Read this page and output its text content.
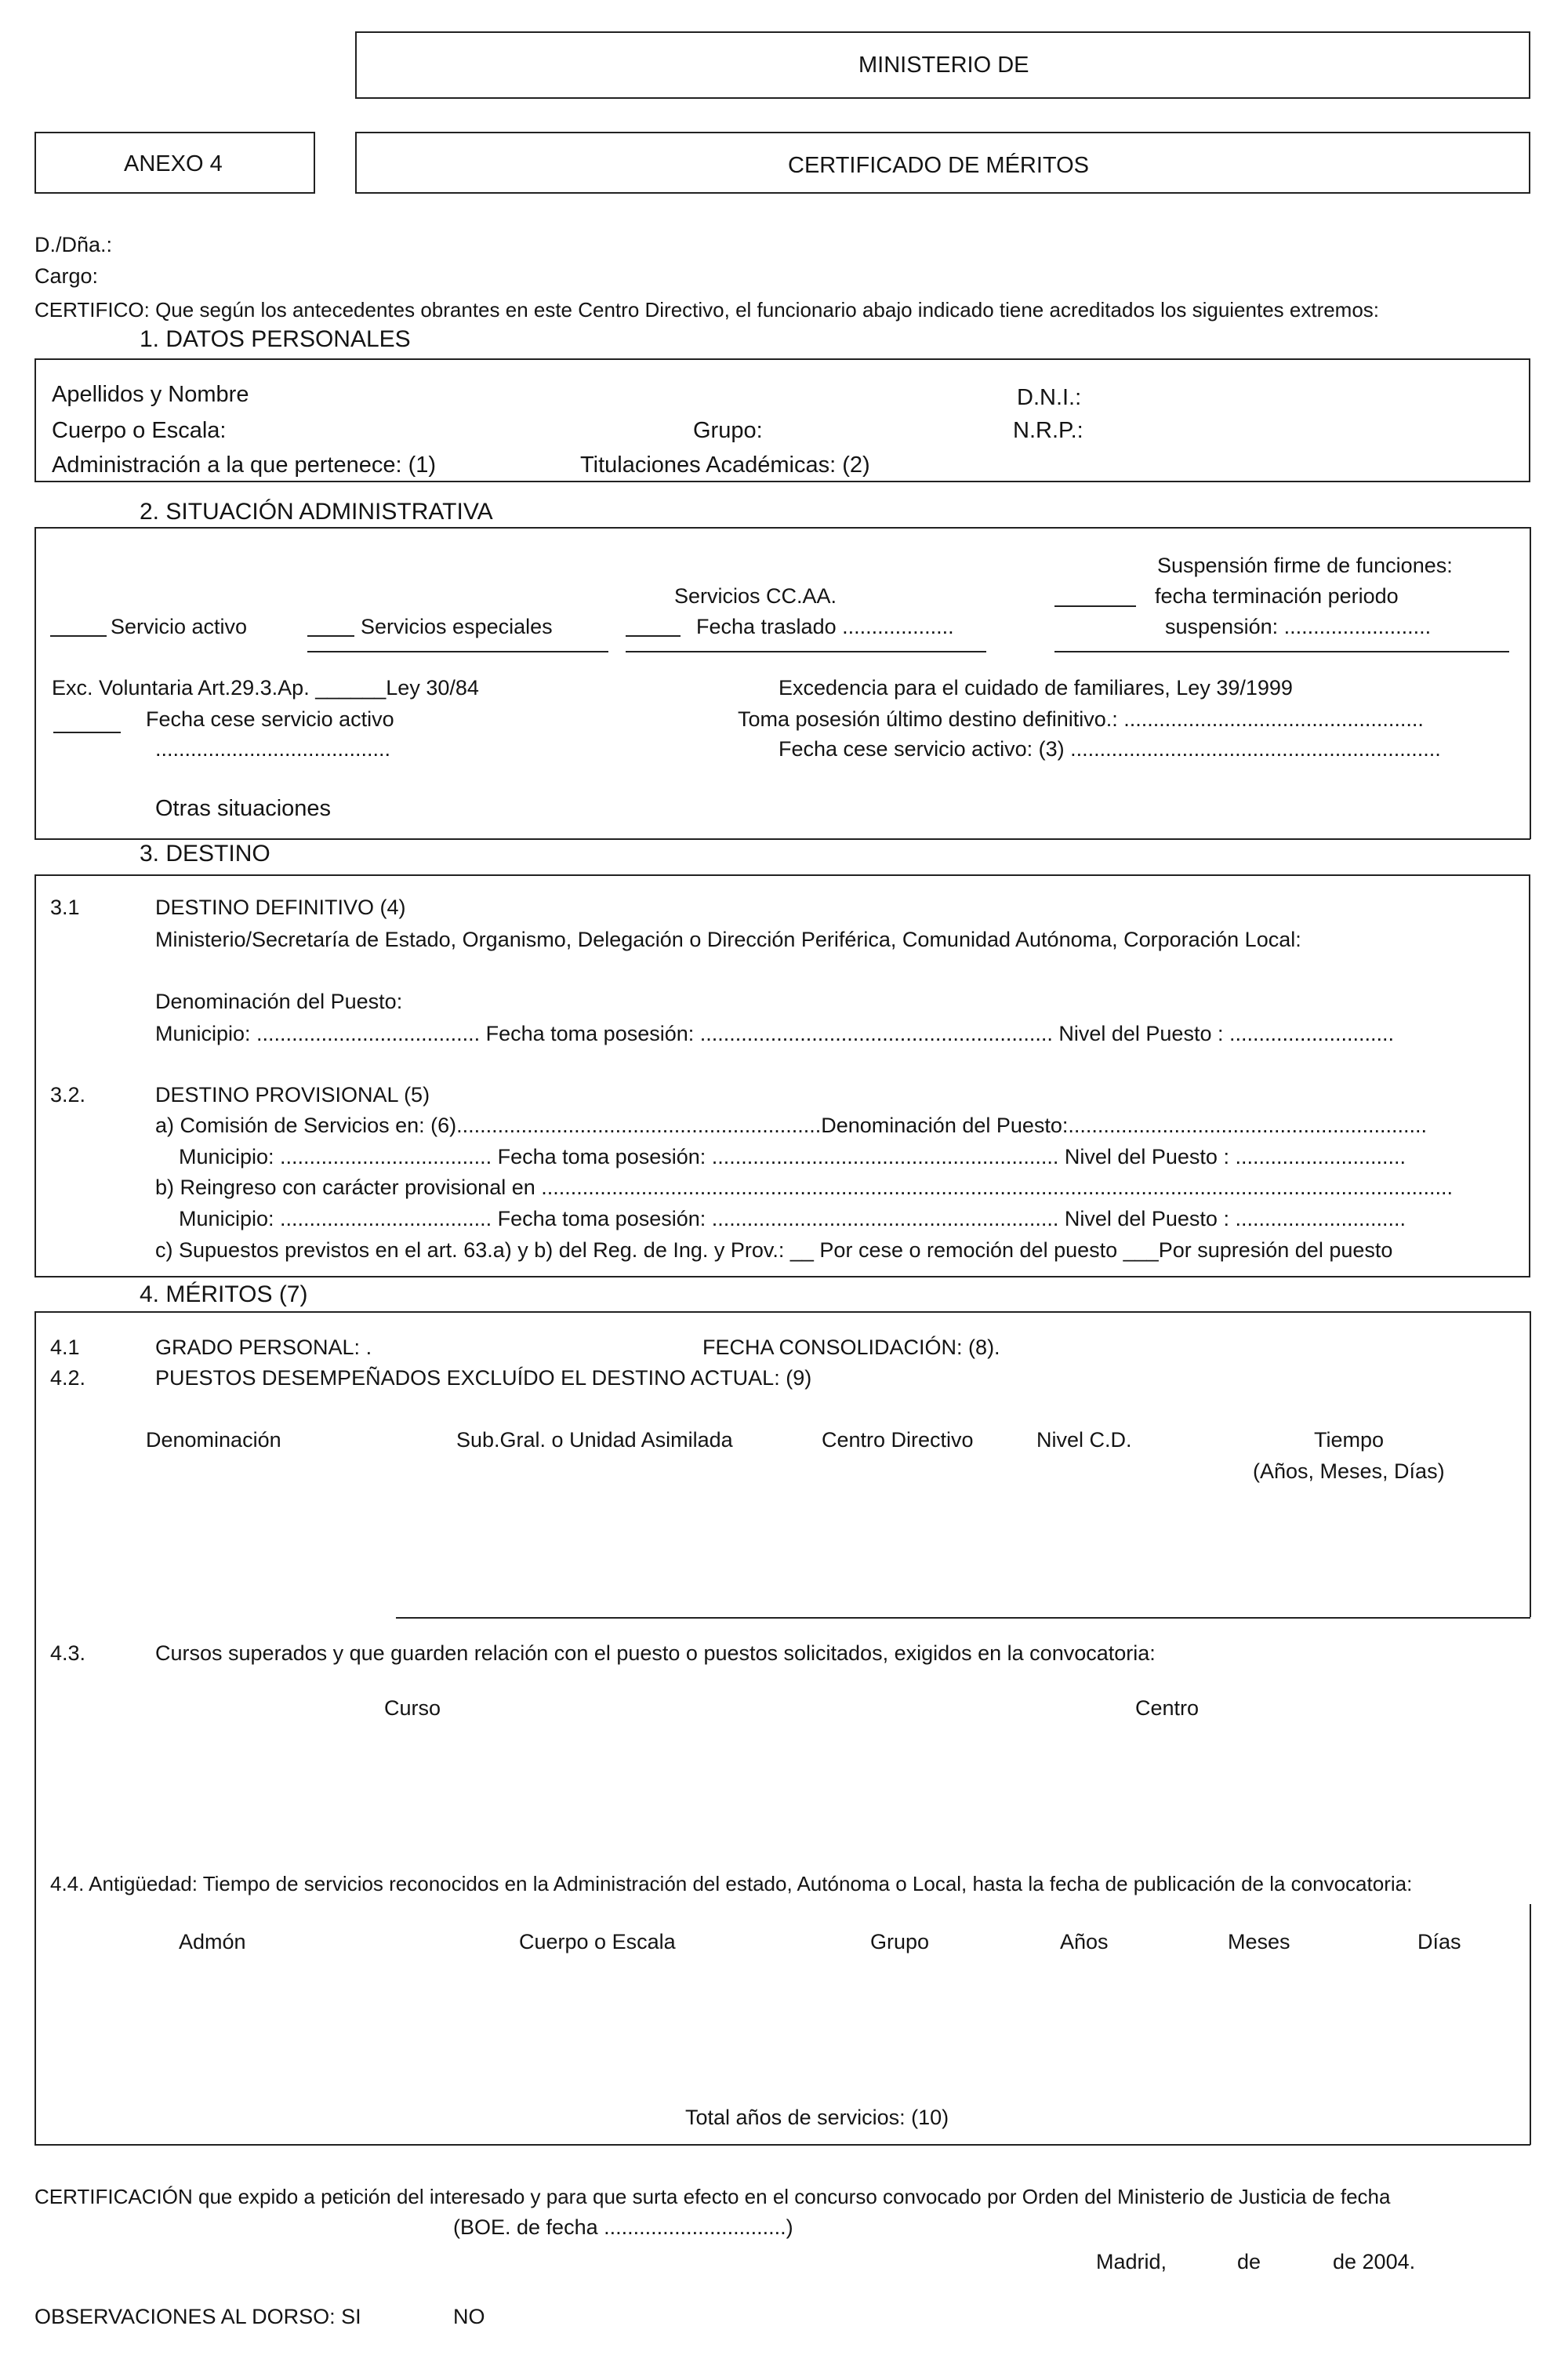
MINISTERIO DE
ANEXO 4	CERTIFICADO DE MÉRITOS
D./Dña.:
Cargo:
CERTIFICO: Que según los antecedentes obrantes en este Centro Directivo, el funcionario abajo indicado tiene acreditados los siguientes extremos:
1. DATOS PERSONALES
Apellidos y Nombre	D.N.I.:
Cuerpo o Escala:	Grupo:	N.R.P.:
Administración a la que pertenece: (1)	Titulaciones Académicas: (2)
2. SITUACIÓN ADMINISTRATIVA
Suspensión firme de funciones:
Servicios CC.AA.	fecha terminación periodo
Servicio activo	Servicios especiales	Fecha traslado ...................	suspensión: .........................
Exc. Voluntaria Art.29.3.Ap. ______Ley 30/84	Excedencia para el cuidado de familiares, Ley 39/1999
Fecha cese servicio activo	Toma posesión último destino definitivo.: ...................................................
........................................	Fecha cese servicio activo: (3) ...............................................................
Otras situaciones
3. DESTINO
3.1	DESTINO DEFINITIVO (4)
Ministerio/Secretaría de Estado, Organismo, Delegación o Dirección Periférica, Comunidad Autónoma, Corporación Local:
Denominación del Puesto:
Municipio: ...................................... Fecha toma posesión: ............................................................ Nivel del Puesto : ............................
3.2.	DESTINO PROVISIONAL (5)
a) Comisión de Servicios en: (6)..............................................................Denominación del Puesto:.............................................................
Municipio: .................................... Fecha toma posesión: ........................................................... Nivel del Puesto : .............................
b) Reingreso con carácter provisional en ...........................................................................................................................................................
Municipio: .................................... Fecha toma posesión: ........................................................... Nivel del Puesto : .............................
c) Supuestos previstos en el art. 63.a) y b) del Reg. de Ing. y Prov.: __ Por cese o remoción del puesto ___Por supresión del puesto
4. MÉRITOS (7)
4.1	GRADO PERSONAL: .	FECHA CONSOLIDACIÓN: (8).
4.2.	PUESTOS DESEMPEÑADOS EXCLUÍDO EL DESTINO ACTUAL: (9)
Denominación	Sub.Gral. o Unidad Asimilada	Centro Directivo	Nivel C.D.	Tiempo
(Años, Meses, Días)
4.3.	Cursos superados y que guarden relación con el puesto o puestos solicitados, exigidos en la convocatoria:
Curso	Centro
4.4. Antigüedad: Tiempo de servicios reconocidos en la Administración del estado, Autónoma o Local, hasta la fecha de publicación de la convocatoria:
Admón	Cuerpo o Escala	Grupo	Años	Meses	Días
Total años de servicios: (10)
CERTIFICACIÓN que expido a petición del interesado y para que surta efecto en el concurso convocado por Orden del Ministerio de Justicia de fecha
(BOE. de fecha ...............................)
Madrid,	de	de 2004.
OBSERVACIONES AL DORSO: SI	NO
